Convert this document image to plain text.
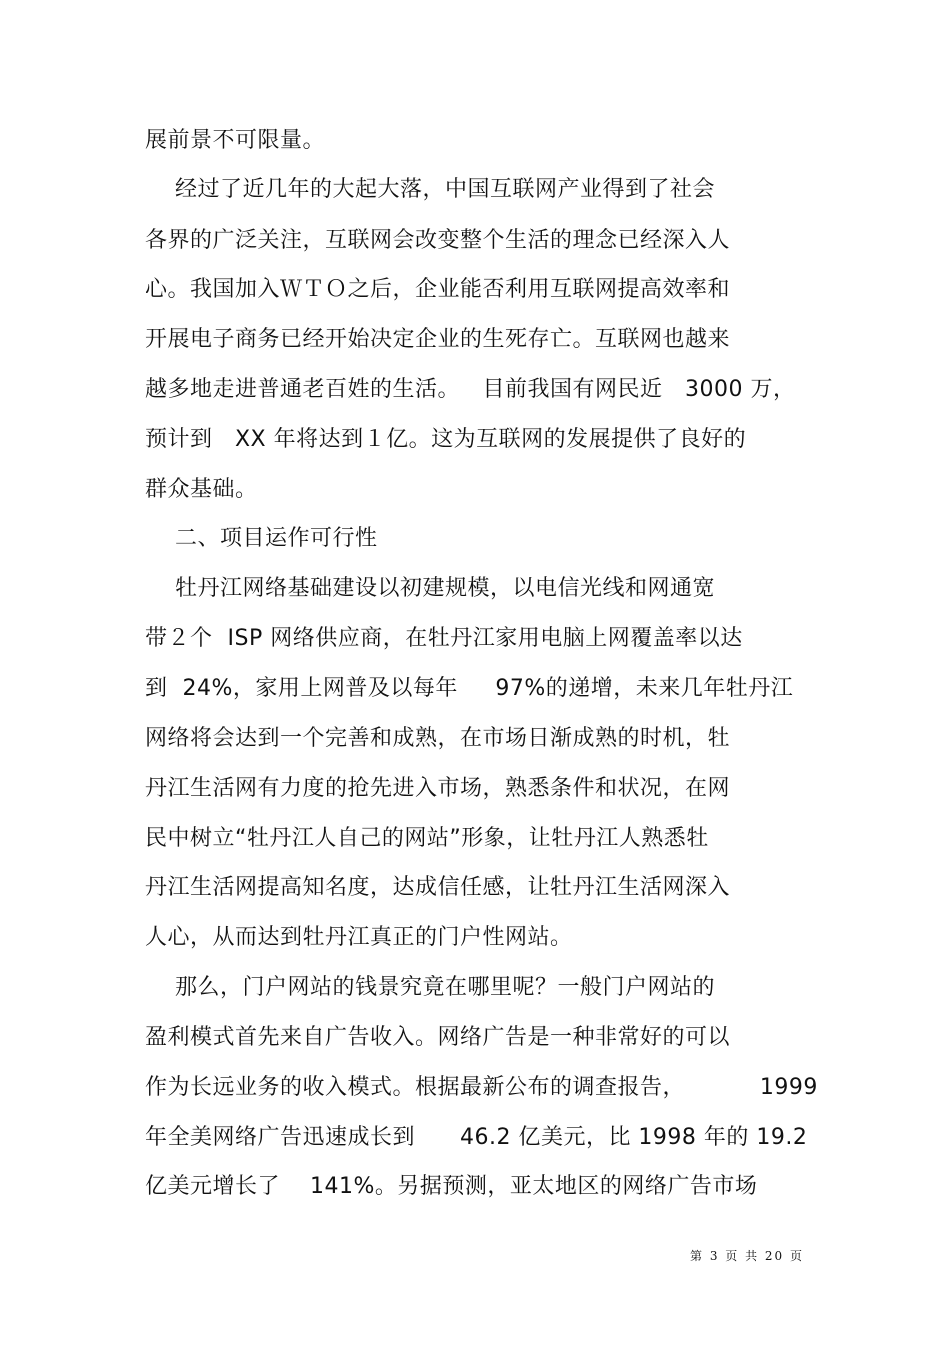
展前景不可限量。
经过了近几年的大起大落，中国互联网产业得到了社会
各界的广泛关注，互联网会改变整个生活的理念已经深入人
心。我国加入ＷＴＯ之后，企业能否利用互联网提高效率和
开展电子商务已经开始决定企业的生死存亡。互联网也越来
越多地走进普通老百姓的生活。   目前我国有网民近   3000 万，
预计到   XX 年将达到１亿。这为互联网的发展提供了良好的
群众基础。
二、项目运作可行性
牡丹江网络基础建设以初建规模，以电信光线和网通宽
带２个  ISP 网络供应商，在牡丹江家用电脑上网覆盖率以达
到  24%，家用上网普及以每年     97%的递增，未来几年牡丹江
网络将会达到一个完善和成熟，在市场日渐成熟的时机，牡
丹江生活网有力度的抢先进入市场，熟悉条件和状况，在网
民中树立“牡丹江人自己的网站”形象，让牡丹江人熟悉牡
丹江生活网提高知名度，达成信任感，让牡丹江生活网深入
人心，从而达到牡丹江真正的门户性网站。
那么，门户网站的钱景究竟在哪里呢？一般门户网站的
盈利模式首先来自广告收入。网络广告是一种非常好的可以
作为长远业务的收入模式。根据最新公布的调查报告，          1999
年全美网络广告迅速成长到      46.2 亿美元，比 1998 年的 19.2
亿美元增长了    141%。另据预测，亚太地区的网络广告市场
第 3 页 共 20 页
